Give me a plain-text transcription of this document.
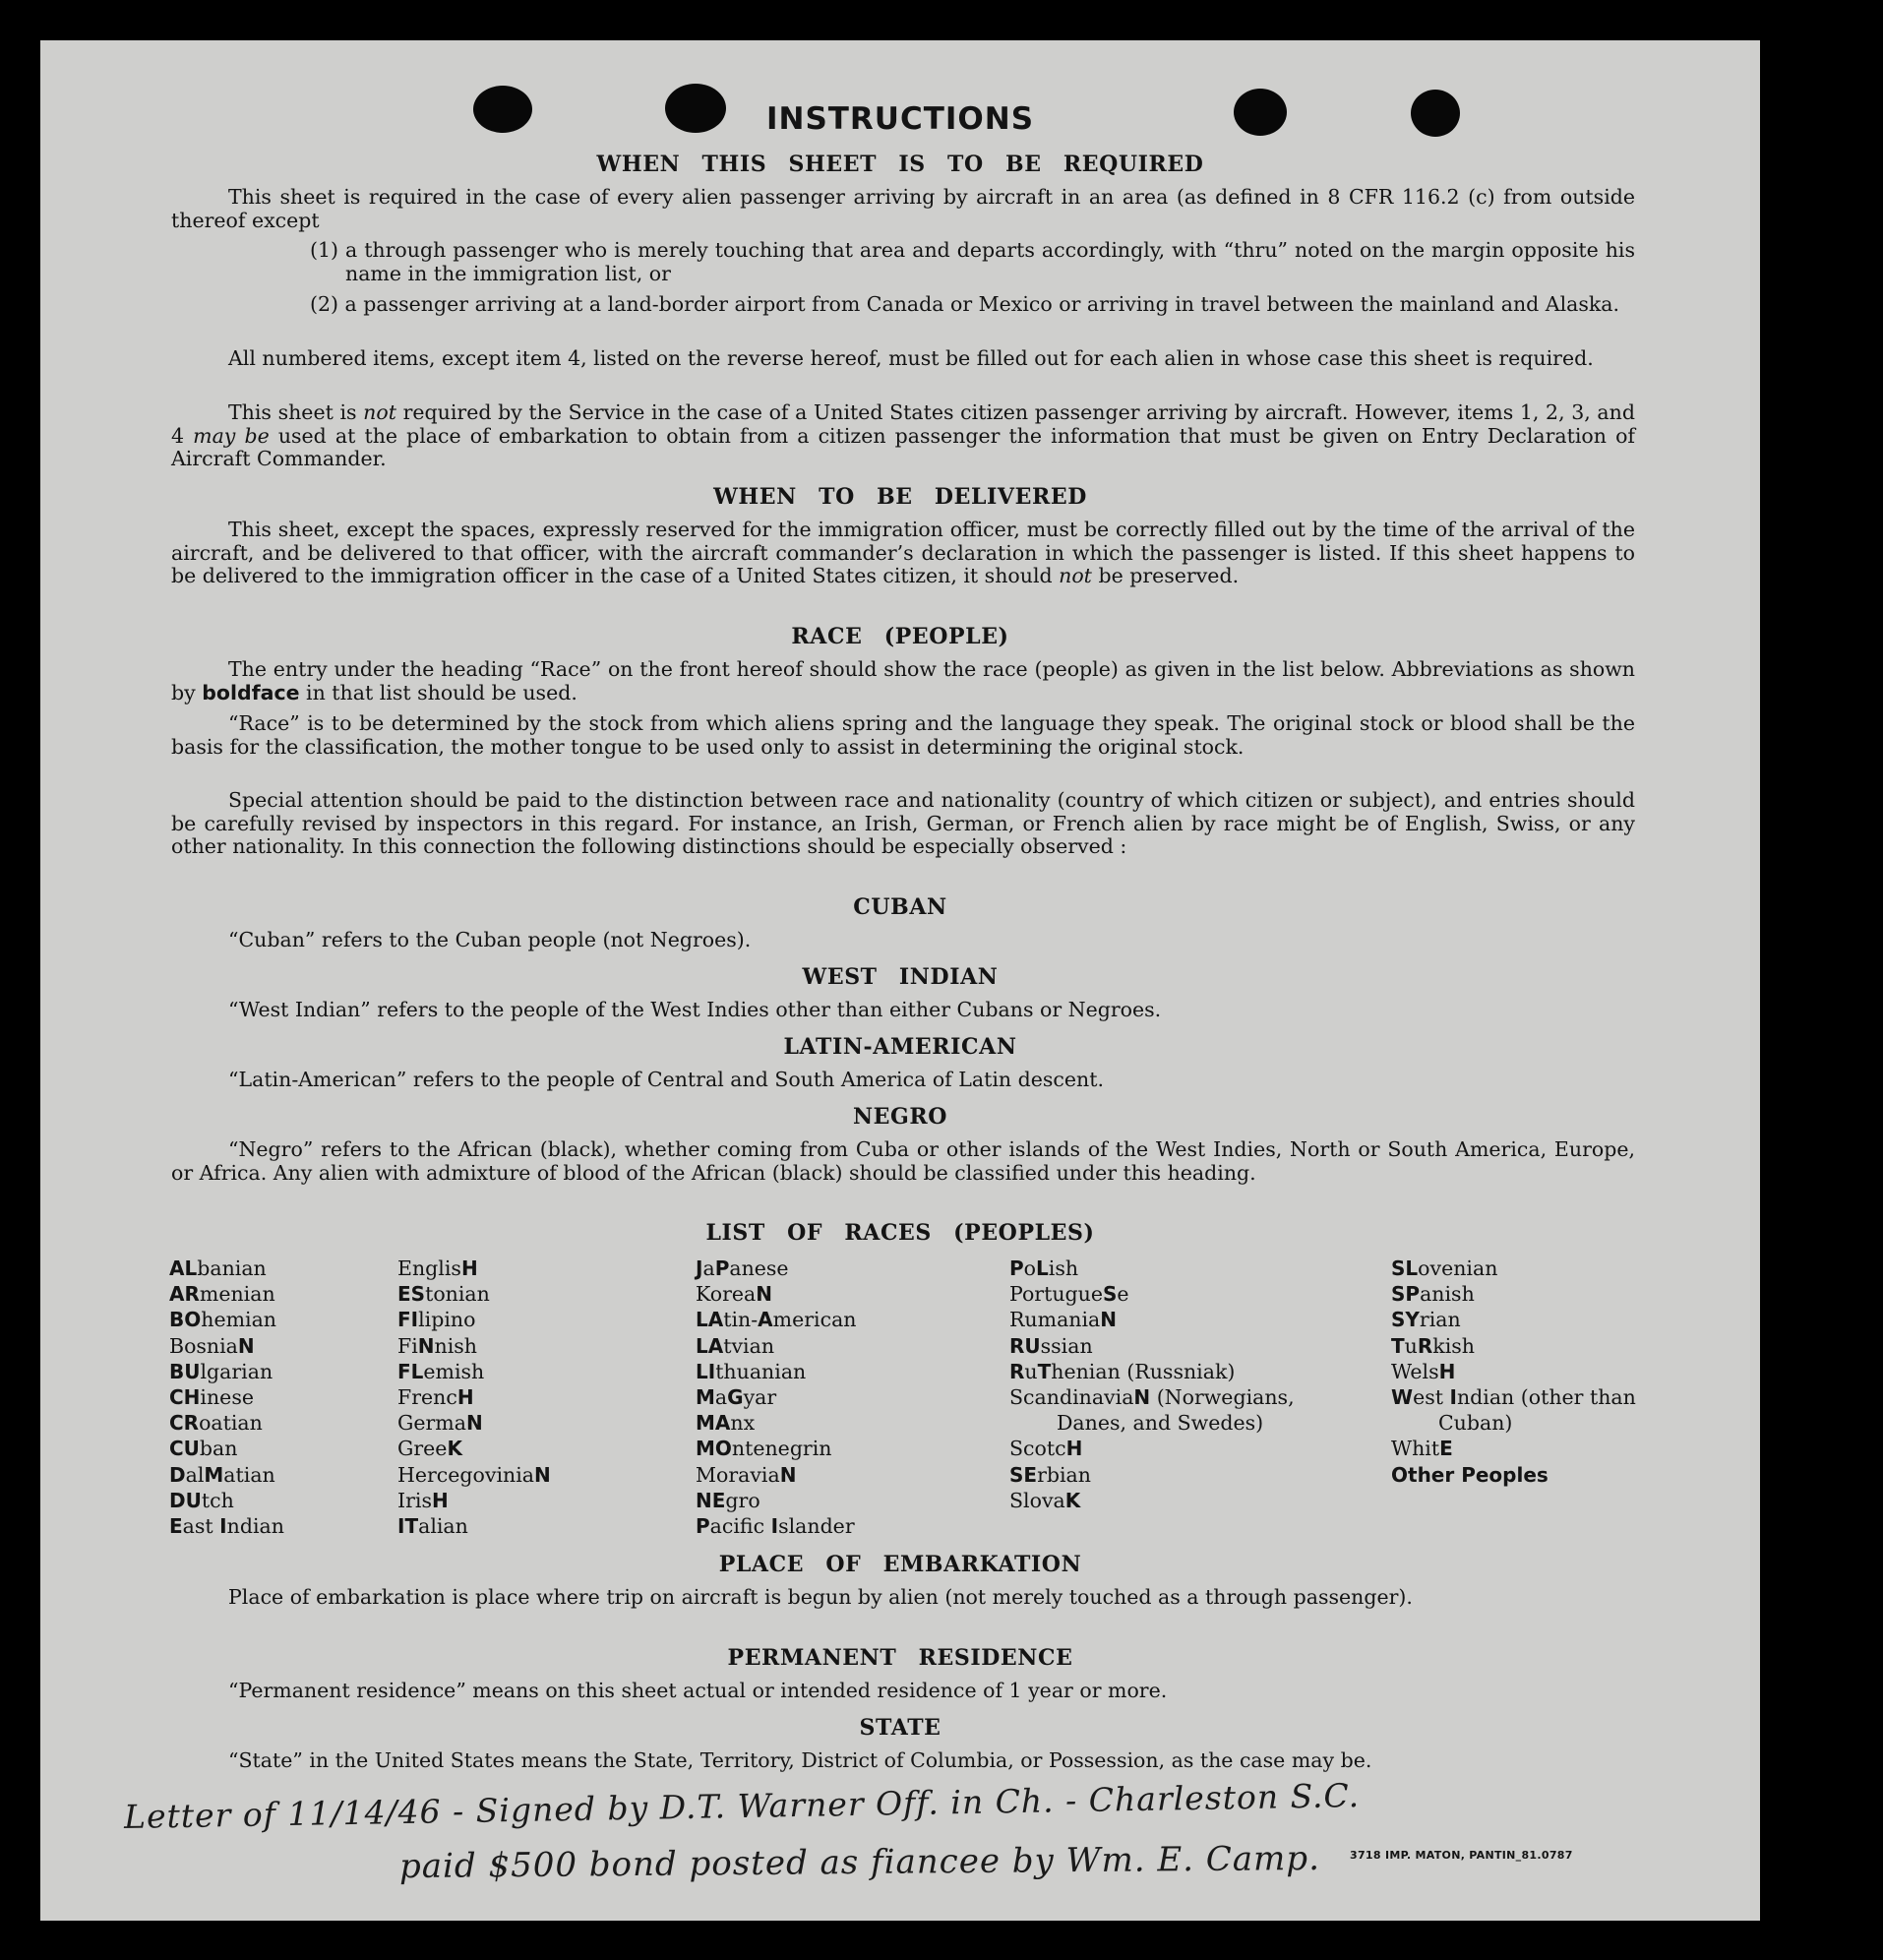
INSTRUCTIONS
WHEN THIS SHEET IS TO BE REQUIRED
This sheet is required in the case of every alien passenger arriving by aircraft in an area (as defined in 8 CFR 116.2 (c) from outside thereof except
(1) a through passenger who is merely touching that area and departs accordingly, with “thru” noted on the margin opposite his name in the immigration list, or
(2) a passenger arriving at a land-border airport from Canada or Mexico or arriving in travel between the mainland and Alaska.
All numbered items, except item 4, listed on the reverse hereof, must be filled out for each alien in whose case this sheet is required.
This sheet is not required by the Service in the case of a United States citizen passenger arriving by aircraft. However, items 1, 2, 3, and 4 may be used at the place of embarkation to obtain from a citizen passenger the information that must be given on Entry Declaration of Aircraft Commander.
WHEN TO BE DELIVERED
This sheet, except the spaces, expressly reserved for the immigration officer, must be correctly filled out by the time of the arrival of the aircraft, and be delivered to that officer, with the aircraft commander’s declaration in which the passenger is listed. If this sheet happens to be delivered to the immigration officer in the case of a United States citizen, it should not be preserved.
RACE (PEOPLE)
The entry under the heading “Race” on the front hereof should show the race (people) as given in the list below. Abbreviations as shown by boldface in that list should be used.
“Race” is to be determined by the stock from which aliens spring and the language they speak. The original stock or blood shall be the basis for the classification, the mother tongue to be used only to assist in determining the original stock.
Special attention should be paid to the distinction between race and nationality (country of which citizen or subject), and entries should be carefully revised by inspectors in this regard. For instance, an Irish, German, or French alien by race might be of English, Swiss, or any other nationality. In this connection the following distinctions should be especially observed :
CUBAN
“Cuban” refers to the Cuban people (not Negroes).
WEST INDIAN
“West Indian” refers to the people of the West Indies other than either Cubans or Negroes.
LATIN-AMERICAN
“Latin-American” refers to the people of Central and South America of Latin descent.
NEGRO
“Negro” refers to the African (black), whether coming from Cuba or other islands of the West Indies, North or South America, Europe, or Africa. Any alien with admixture of blood of the African (black) should be classified under this heading.
LIST OF RACES (PEOPLES)
ALbanian
ARmenian
BOhemian
BosniaN
BUlgarian
CHinese
CRoatian
CUban
DalMatian
DUtch
East Indian
EnglisH
EStonian
FIlipino
FiNnish
FLemish
FrencH
GermaN
GreeK
HercegoviniaN
IrisH
ITalian
JaPanese
KoreaN
LAtin-American
LAtvian
LIthuanian
MaGyar
MAnx
MOntenegrin
MoraviaN
NEgro
Pacific Islander
PoLish
PortugueSe
RumaniaN
RUssian
RuThenian (Russniak)
ScandinaviaN (Norwegians, Danes, and Swedes)
ScotcH
SErbian
SlovaK
SLovenian
SPanish
SYrian
TuRkish
WelsH
West Indian (other than Cuban)
WhitE
Other Peoples
PLACE OF EMBARKATION
Place of embarkation is place where trip on aircraft is begun by alien (not merely touched as a through passenger).
PERMANENT RESIDENCE
“Permanent residence” means on this sheet actual or intended residence of 1 year or more.
STATE
“State” in the United States means the State, Territory, District of Columbia, or Possession, as the case may be.
Letter of 11/14/46 - Signed by D.T. Warner Off. in Ch. - Charleston S.C.
paid $500 bond posted as fiancee by Wm. E. Camp.	3718 IMP. MATON, PANTIN_81.0787
